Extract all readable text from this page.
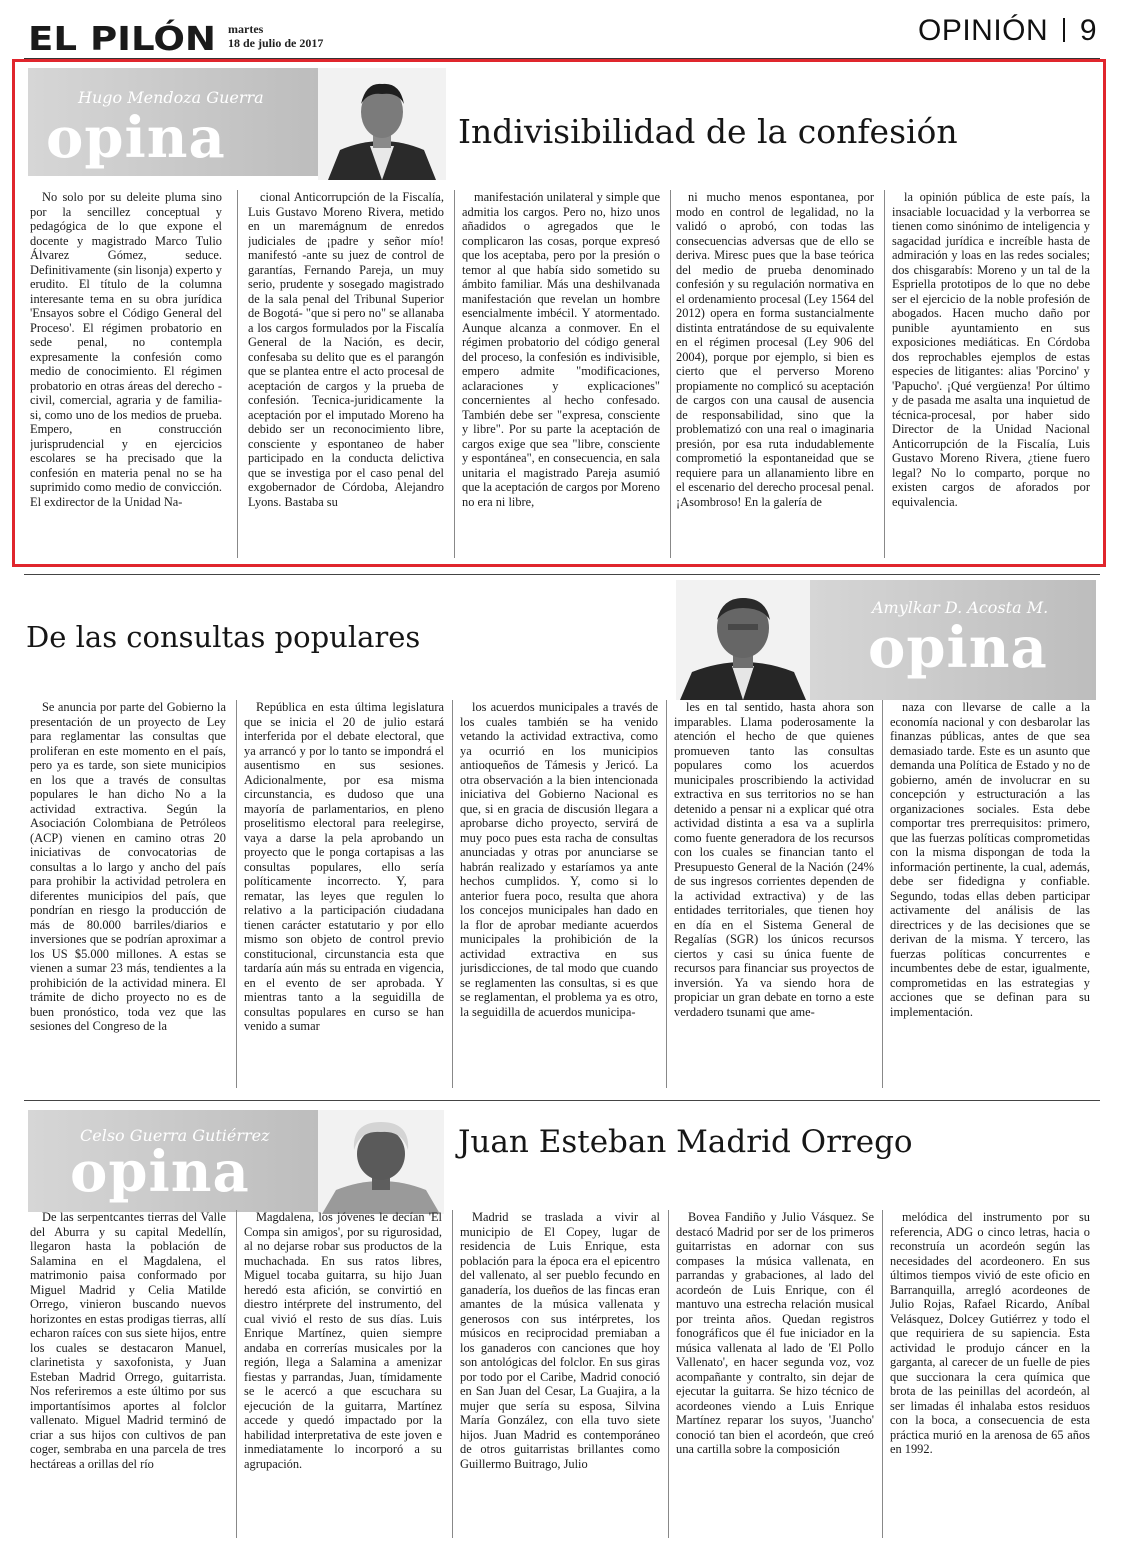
EL PILÓN	martes
18 de julio de 2017	OPINIÓN 9
Hugo Mendoza Guerra
opina	Indivisibilidad de la confesión

No solo por su deleite pluma sino por la sencillez conceptual y pedagógica de lo que expone el docente y magistrado Marco Tulio Álvarez Gómez, seduce. Definitivamente (sin lisonja) experto y erudito. El título de la columna interesante tema en su obra jurídica 'Ensayos sobre el Código General del Proceso'. El régimen probatorio en sede penal, no contempla expresamente la confesión como medio de conocimiento. El régimen probatorio en otras áreas del derecho - civil, comercial, agraria y de familia- si, como uno de los medios de prueba. Empero, en construcción jurisprudencial y en ejercicios escolares se ha precisado que la confesión en materia penal no se ha suprimido como medio de convicción. El exdirector de la Unidad Na-

cional Anticorrupción de la Fiscalía, Luis Gustavo Moreno Rivera, metido en un maremágnum de enredos judiciales de ¡padre y señor mío! manifestó -ante su juez de control de garantías, Fernando Pareja, un muy serio, prudente y sosegado magistrado de la sala penal del Tribunal Superior de Bogotá- "que si pero no" se allanaba a los cargos formulados por la Fiscalía General de la Nación, es decir, confesaba su delito que es el parangón que se plantea entre el acto procesal de aceptación de cargos y la prueba de confesión. Tecnica-juridicamente la aceptación por el imputado Moreno ha debido ser un reconocimiento libre, consciente y espontaneo de haber participado en la conducta delictiva que se investiga por el caso penal del exgobernador de Córdoba, Alejandro Lyons. Bastaba su

manifestación unilateral y simple que admitia los cargos. Pero no, hizo unos añadidos o agregados que le complicaron las cosas, porque expresó que los aceptaba, pero por la presión o temor al que había sido sometido su ámbito familiar. Más una deshilvanada manifestación que revelan un hombre esencialmente imbécil. Y atormentado. Aunque alcanza a conmover. En el régimen probatorio del código general del proceso, la confesión es indivisible, empero admite "modificaciones, aclaraciones y explicaciones" concernientes al hecho confesado. También debe ser "expresa, consciente y libre". Por su parte la aceptación de cargos exige que sea "libre, consciente y espontánea", en consecuencia, en sala unitaria el magistrado Pareja asumió que la aceptación de cargos por Moreno no era ni libre,

ni mucho menos espontanea, por modo en control de legalidad, no la validó o aprobó, con todas las consecuencias adversas que de ello se deriva. Miresc pues que la base teórica del medio de prueba denominado confesión y su regulación normativa en el ordenamiento procesal (Ley 1564 del 2012) opera en forma sustancialmente distinta entratándose de su equivalente en el régimen procesal (Ley 906 del 2004), porque por ejemplo, si bien es cierto que el perverso Moreno propiamente no complicó su aceptación de cargos con una causal de ausencia de responsabilidad, sino que la problematizó con una real o imaginaria presión, por esa ruta indudablemente comprometió la espontaneidad que se requiere para un allanamiento libre en el escenario del derecho procesal penal. ¡Asombroso! En la galería de

la opinión pública de este país, la insaciable locuacidad y la verborrea se tienen como sinónimo de inteligencia y sagacidad jurídica e increíble hasta de admiración y loas en las redes sociales; dos chisgarabís: Moreno y un tal de la Espriella prototipos de lo que no debe ser el ejercicio de la noble profesión de abogados. Hacen mucho daño por punible ayuntamiento en sus exposiciones mediáticas. En Córdoba dos reprochables ejemplos de estas especies de litigantes: alias 'Porcino' y 'Papucho'. ¡Qué vergüenza! Por último y de pasada me asalta una inquietud de técnica-procesal, por haber sido Director de la Unidad Nacional Anticorrupción de la Fiscalía, Luis Gustavo Moreno Rivera, ¿tiene fuero legal? No lo comparto, porque no existen cargos de aforados por equivalencia.

De las consultas populares
Amylkar D. Acosta M.
opina

Se anuncia por parte del Gobierno la presentación de un proyecto de Ley para reglamentar las consultas que proliferan en este momento en el país, pero ya es tarde, son siete municipios en los que a través de consultas populares le han dicho No a la actividad extractiva. Según la Asociación Colombiana de Petróleos (ACP) vienen en camino otras 20 iniciativas de convocatorias de consultas a lo largo y ancho del país para prohibir la actividad petrolera en diferentes municipios del país, que pondrían en riesgo la producción de más de 80.000 barriles/diarios e inversiones que se podrían aproximar a los US $5.000 millones. A estas se vienen a sumar 23 más, tendientes a la prohibición de la actividad minera. El trámite de dicho proyecto no es de buen pronóstico, toda vez que las sesiones del Congreso de la

República en esta última legislatura que se inicia el 20 de julio estará interferida por el debate electoral, que ya arrancó y por lo tanto se impondrá el ausentismo en sus sesiones. Adicionalmente, por esa misma circunstancia, es dudoso que una mayoría de parlamentarios, en pleno proselitismo electoral para reelegirse, vaya a darse la pela aprobando un proyecto que le ponga cortapisas a las consultas populares, ello sería políticamente incorrecto. Y, para rematar, las leyes que regulen lo relativo a la participación ciudadana tienen carácter estatutario y por ello mismo son objeto de control previo constitucional, circunstancia esta que tardaría aún más su entrada en vigencia, en el evento de ser aprobada. Y mientras tanto a la seguidilla de consultas populares en curso se han venido a sumar

los acuerdos municipales a través de los cuales también se ha venido vetando la actividad extractiva, como ya ocurrió en los municipios antioqueños de Támesis y Jericó. La otra observación a la bien intencionada iniciativa del Gobierno Nacional es que, si en gracia de discusión llegara a aprobarse dicho proyecto, servirá de muy poco pues esta racha de consultas anunciadas y otras por anunciarse se habrán realizado y estaríamos ya ante hechos cumplidos. Y, como si lo anterior fuera poco, resulta que ahora los concejos municipales han dado en la flor de aprobar mediante acuerdos municipales la prohibición de la actividad extractiva en sus jurisdicciones, de tal modo que cuando se reglamenten las consultas, si es que se reglamentan, el problema ya es otro, la seguidilla de acuerdos municipa-

les en tal sentido, hasta ahora son imparables. Llama poderosamente la atención el hecho de que quienes promueven tanto las consultas populares como los acuerdos municipales proscribiendo la actividad extractiva en sus territorios no se han detenido a pensar ni a explicar qué otra actividad distinta a esa va a suplirla como fuente generadora de los recursos con los cuales se financian tanto el Presupuesto General de la Nación (24% de sus ingresos corrientes dependen de la actividad extractiva) y de las entidades territoriales, que tienen hoy en día en el Sistema General de Regalías (SGR) los únicos recursos ciertos y casi su única fuente de recursos para financiar sus proyectos de inversión. Ya va siendo hora de propiciar un gran debate en torno a este verdadero tsunami que ame-

naza con llevarse de calle a la economía nacional y con desbarolar las finanzas públicas, antes de que sea demasiado tarde. Este es un asunto que demanda una Política de Estado y no de gobierno, amén de involucrar en su concepción y estructuración a las organizaciones sociales. Esta debe comportar tres prerrequisitos: primero, que las fuerzas políticas comprometidas con la misma dispongan de toda la información pertinente, la cual, además, debe ser fidedigna y confiable. Segundo, todas ellas deben participar activamente del análisis de las directrices y de las decisiones que se derivan de la misma. Y tercero, las fuerzas políticas concurrentes e incumbentes debe de estar, igualmente, comprometidas en las estrategias y acciones que se definan para su implementación.

Celso Guerra Gutiérrez
opina	Juan Esteban Madrid Orrego

De las serpentcantes tierras del Valle del Aburra y su capital Medellín, llegaron hasta la población de Salamina en el Magdalena, el matrimonio paisa conformado por Miguel Madrid y Celia Matilde Orrego, vinieron buscando nuevos horizontes en estas prodigas tierras, allí echaron raíces con sus siete hijos, entre los cuales se destacaron Manuel, clarinetista y saxofonista, y Juan Esteban Madrid Orrego, guitarrista. Nos referiremos a este último por sus importantísimos aportes al folclor vallenato. Miguel Madrid terminó de criar a sus hijos con cultivos de pan coger, sembraba en una parcela de tres hectáreas a orillas del río

Magdalena, los jóvenes le decían 'El Compa sin amigos', por su rigurosidad, al no dejarse robar sus productos de la muchachada. En sus ratos libres, Miguel tocaba guitarra, su hijo Juan heredó esta afición, se convirtió en diestro intérprete del instrumento, del cual vivió el resto de sus días. Luis Enrique Martínez, quien siempre andaba en correrías musicales por la región, llega a Salamina a amenizar fiestas y parrandas, Juan, tímidamente se le acercó a que escuchara su ejecución de la guitarra, Martínez accede y quedó impactado por la habilidad interpretativa de este joven e inmediatamente lo incorporó a su agrupación.

Madrid se traslada a vivir al municipio de El Copey, lugar de residencia de Luis Enrique, esta población para la época era el epicentro del vallenato, al ser pueblo fecundo en ganadería, los dueños de las fincas eran amantes de la música vallenata y generosos con sus intérpretes, los músicos en reciprocidad premiaban a los ganaderos con canciones que hoy son antológicas del folclor. En sus giras por todo por el Caribe, Madrid conoció en San Juan del Cesar, La Guajira, a la mujer que sería su esposa, Silvina María González, con ella tuvo siete hijos. Juan Madrid es contemporáneo de otros guitarristas brillantes como Guillermo Buitrago, Julio

Bovea Fandiño y Julio Vásquez. Se destacó Madrid por ser de los primeros guitarristas en adornar con sus compases la música vallenata, en parrandas y grabaciones, al lado del acordeón de Luis Enrique, con él mantuvo una estrecha relación musical por treinta años. Quedan registros fonográficos que él fue iniciador en la música vallenata al lado de 'El Pollo Vallenato', en hacer segunda voz, voz acompañante y contralto, sin dejar de ejecutar la guitarra. Se hizo técnico de acordeones viendo a Luis Enrique Martínez reparar los suyos, 'Juancho' conoció tan bien el acordeón, que creó una cartilla sobre la composición

melódica del instrumento por su referencia, ADG o cinco letras, hacia o reconstruía un acordeón según las necesidades del acordeonero. En sus últimos tiempos vivió de este oficio en Barranquilla, arregló acordeones de Julio Rojas, Rafael Ricardo, Aníbal Velásquez, Dolcey Gutiérrez y todo el que requiriera de su sapiencia. Esta actividad le produjo cáncer en la garganta, al carecer de un fuelle de pies que succionara la cera química que brota de las peinillas del acordeón, al ser limadas él inhalaba estos residuos con la boca, a consecuencia de esta práctica murió en la arenosa de 65 años en 1992.
